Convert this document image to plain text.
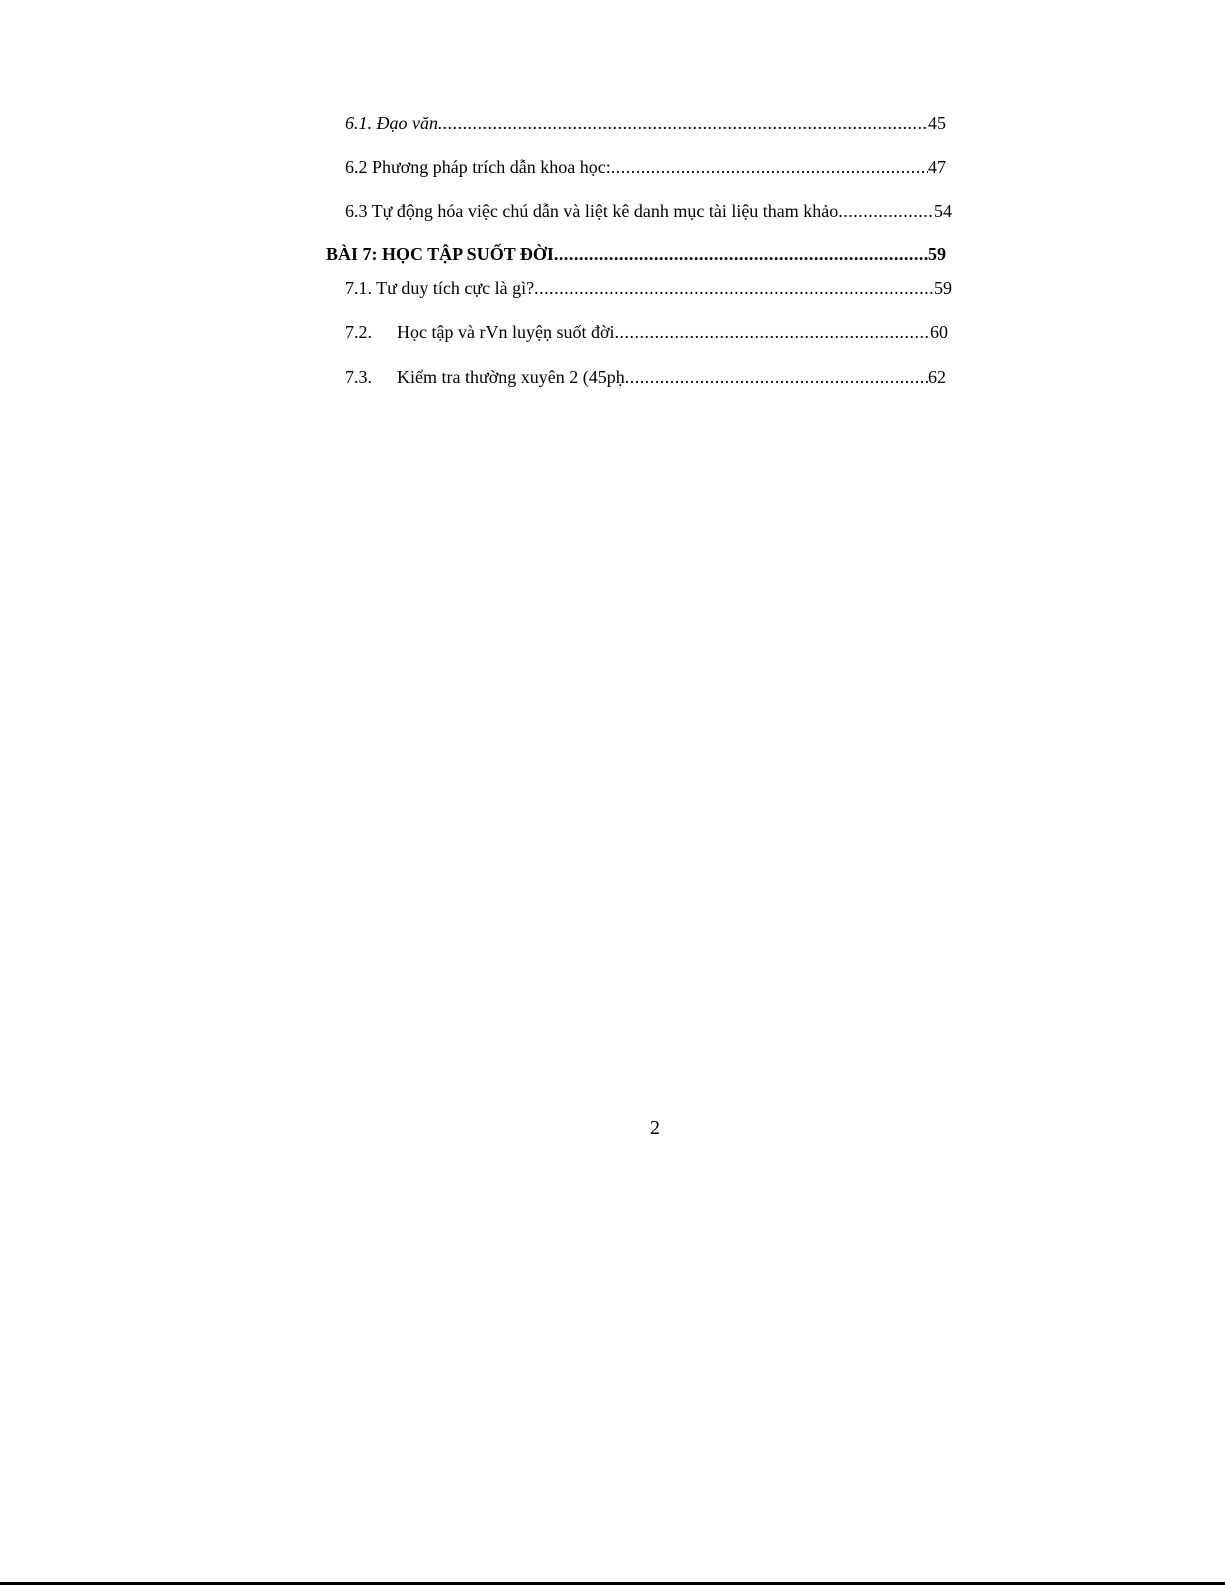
6.1. Đạo văn .....	45
6.2 Phương pháp trích dẫn khoa học: .....	47
6.3 Tự động hóa việc chú dẫn và liệt kê danh mục tài liệu tham khảo .....	54
BÀI 7: HỌC TẬP SUỐT ĐỜI .....	59
7.1. Tư duy tích cực là gì? .....	59
7.2. Học tập và rVn luyệṇ suốt đời .....	60
7.3. Kiểm tra thường xuyên 2 (45pḥ .....	62
2
